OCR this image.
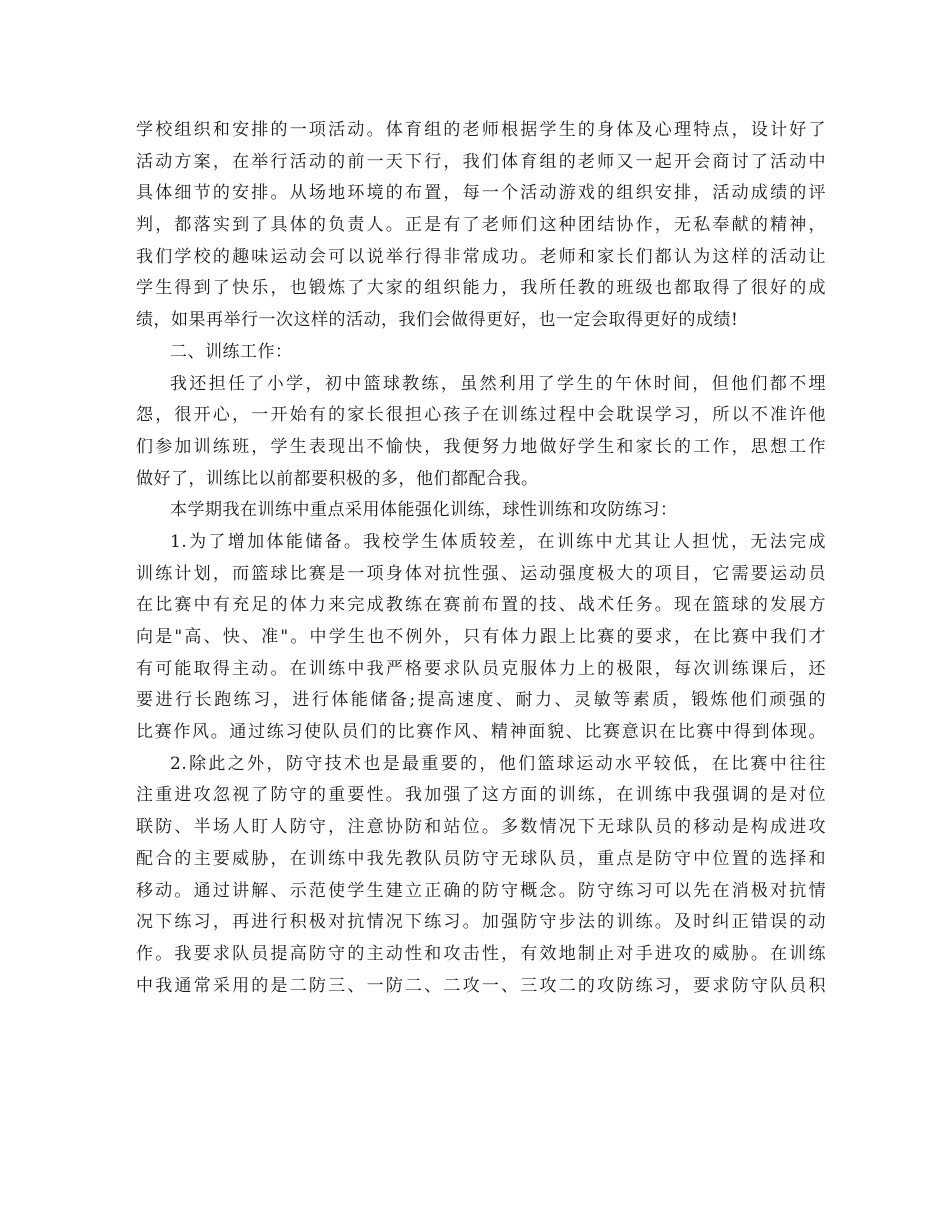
学校组织和安排的一项活动。体育组的老师根据学生的身体及心理特点，设计好了
活动方案，在举行活动的前一天下行，我们体育组的老师又一起开会商讨了活动中
具体细节的安排。从场地环境的布置，每一个活动游戏的组织安排，活动成绩的评
判，都落实到了具体的负责人。正是有了老师们这种团结协作，无私奉献的精神，
我们学校的趣味运动会可以说举行得非常成功。老师和家长们都认为这样的活动让
学生得到了快乐，也锻炼了大家的组织能力，我所任教的班级也都取得了很好的成
绩，如果再举行一次这样的活动，我们会做得更好，也一定会取得更好的成绩!
二、训练工作：
我还担任了小学，初中篮球教练，虽然利用了学生的午休时间，但他们都不埋
怨，很开心，一开始有的家长很担心孩子在训练过程中会耽误学习，所以不准许他
们参加训练班，学生表现出不愉快，我便努力地做好学生和家长的工作，思想工作
做好了，训练比以前都要积极的多，他们都配合我。
本学期我在训练中重点采用体能强化训练，球性训练和攻防练习：
1.为了增加体能储备。我校学生体质较差，在训练中尤其让人担忧，无法完成
训练计划，而篮球比赛是一项身体对抗性强、运动强度极大的项目，它需要运动员
在比赛中有充足的体力来完成教练在赛前布置的技、战术任务。现在篮球的发展方
向是"高、快、准"。中学生也不例外，只有体力跟上比赛的要求，在比赛中我们才
有可能取得主动。在训练中我严格要求队员克服体力上的极限，每次训练课后，还
要进行长跑练习，进行体能储备;提高速度、耐力、灵敏等素质，锻炼他们顽强的
比赛作风。通过练习使队员们的比赛作风、精神面貌、比赛意识在比赛中得到体现。
2.除此之外，防守技术也是最重要的，他们篮球运动水平较低，在比赛中往往
注重进攻忽视了防守的重要性。我加强了这方面的训练，在训练中我强调的是对位
联防、半场人盯人防守，注意协防和站位。多数情况下无球队员的移动是构成进攻
配合的主要威胁，在训练中我先教队员防守无球队员，重点是防守中位置的选择和
移动。通过讲解、示范使学生建立正确的防守概念。防守练习可以先在消极对抗情
况下练习，再进行积极对抗情况下练习。加强防守步法的训练。及时纠正错误的动
作。我要求队员提高防守的主动性和攻击性，有效地制止对手进攻的威胁。在训练
中我通常采用的是二防三、一防二、二攻一、三攻二的攻防练习，要求防守队员积
